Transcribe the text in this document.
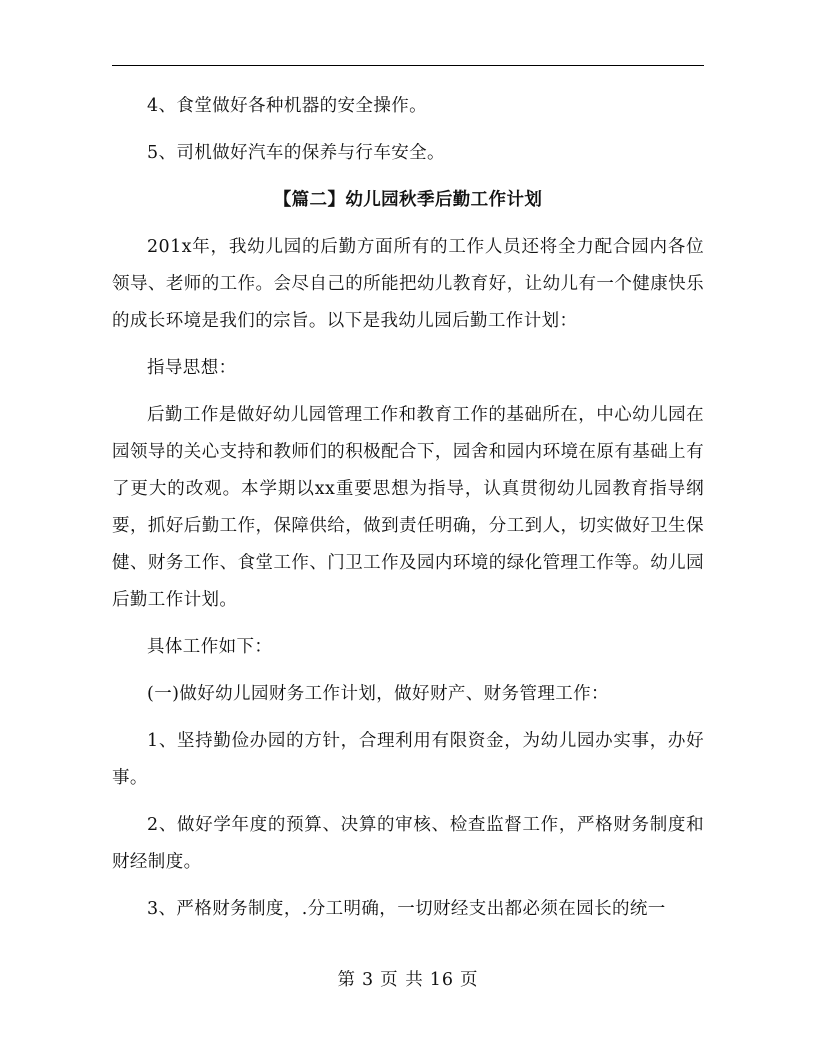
4、食堂做好各种机器的安全操作。

5、司机做好汽车的保养与行车安全。

【篇二】幼儿园秋季后勤工作计划

201x年，我幼儿园的后勤方面所有的工作人员还将全力配合园内各位领导、老师的工作。会尽自己的所能把幼儿教育好，让幼儿有一个健康快乐的成长环境是我们的宗旨。以下是我幼儿园后勤工作计划：

指导思想：

后勤工作是做好幼儿园管理工作和教育工作的基础所在，中心幼儿园在园领导的关心支持和教师们的积极配合下，园舍和园内环境在原有基础上有了更大的改观。本学期以xx重要思想为指导，认真贯彻幼儿园教育指导纲要，抓好后勤工作，保障供给，做到责任明确，分工到人，切实做好卫生保健、财务工作、食堂工作、门卫工作及园内环境的绿化管理工作等。幼儿园后勤工作计划。

具体工作如下：

(一)做好幼儿园财务工作计划，做好财产、财务管理工作：

1、坚持勤俭办园的方针，合理利用有限资金，为幼儿园办实事，办好事。

2、做好学年度的预算、决算的审核、检查监督工作，严格财务制度和财经制度。

3、严格财务制度，.分工明确，一切财经支出都必须在园长的统一

第 3 页 共 16 页
